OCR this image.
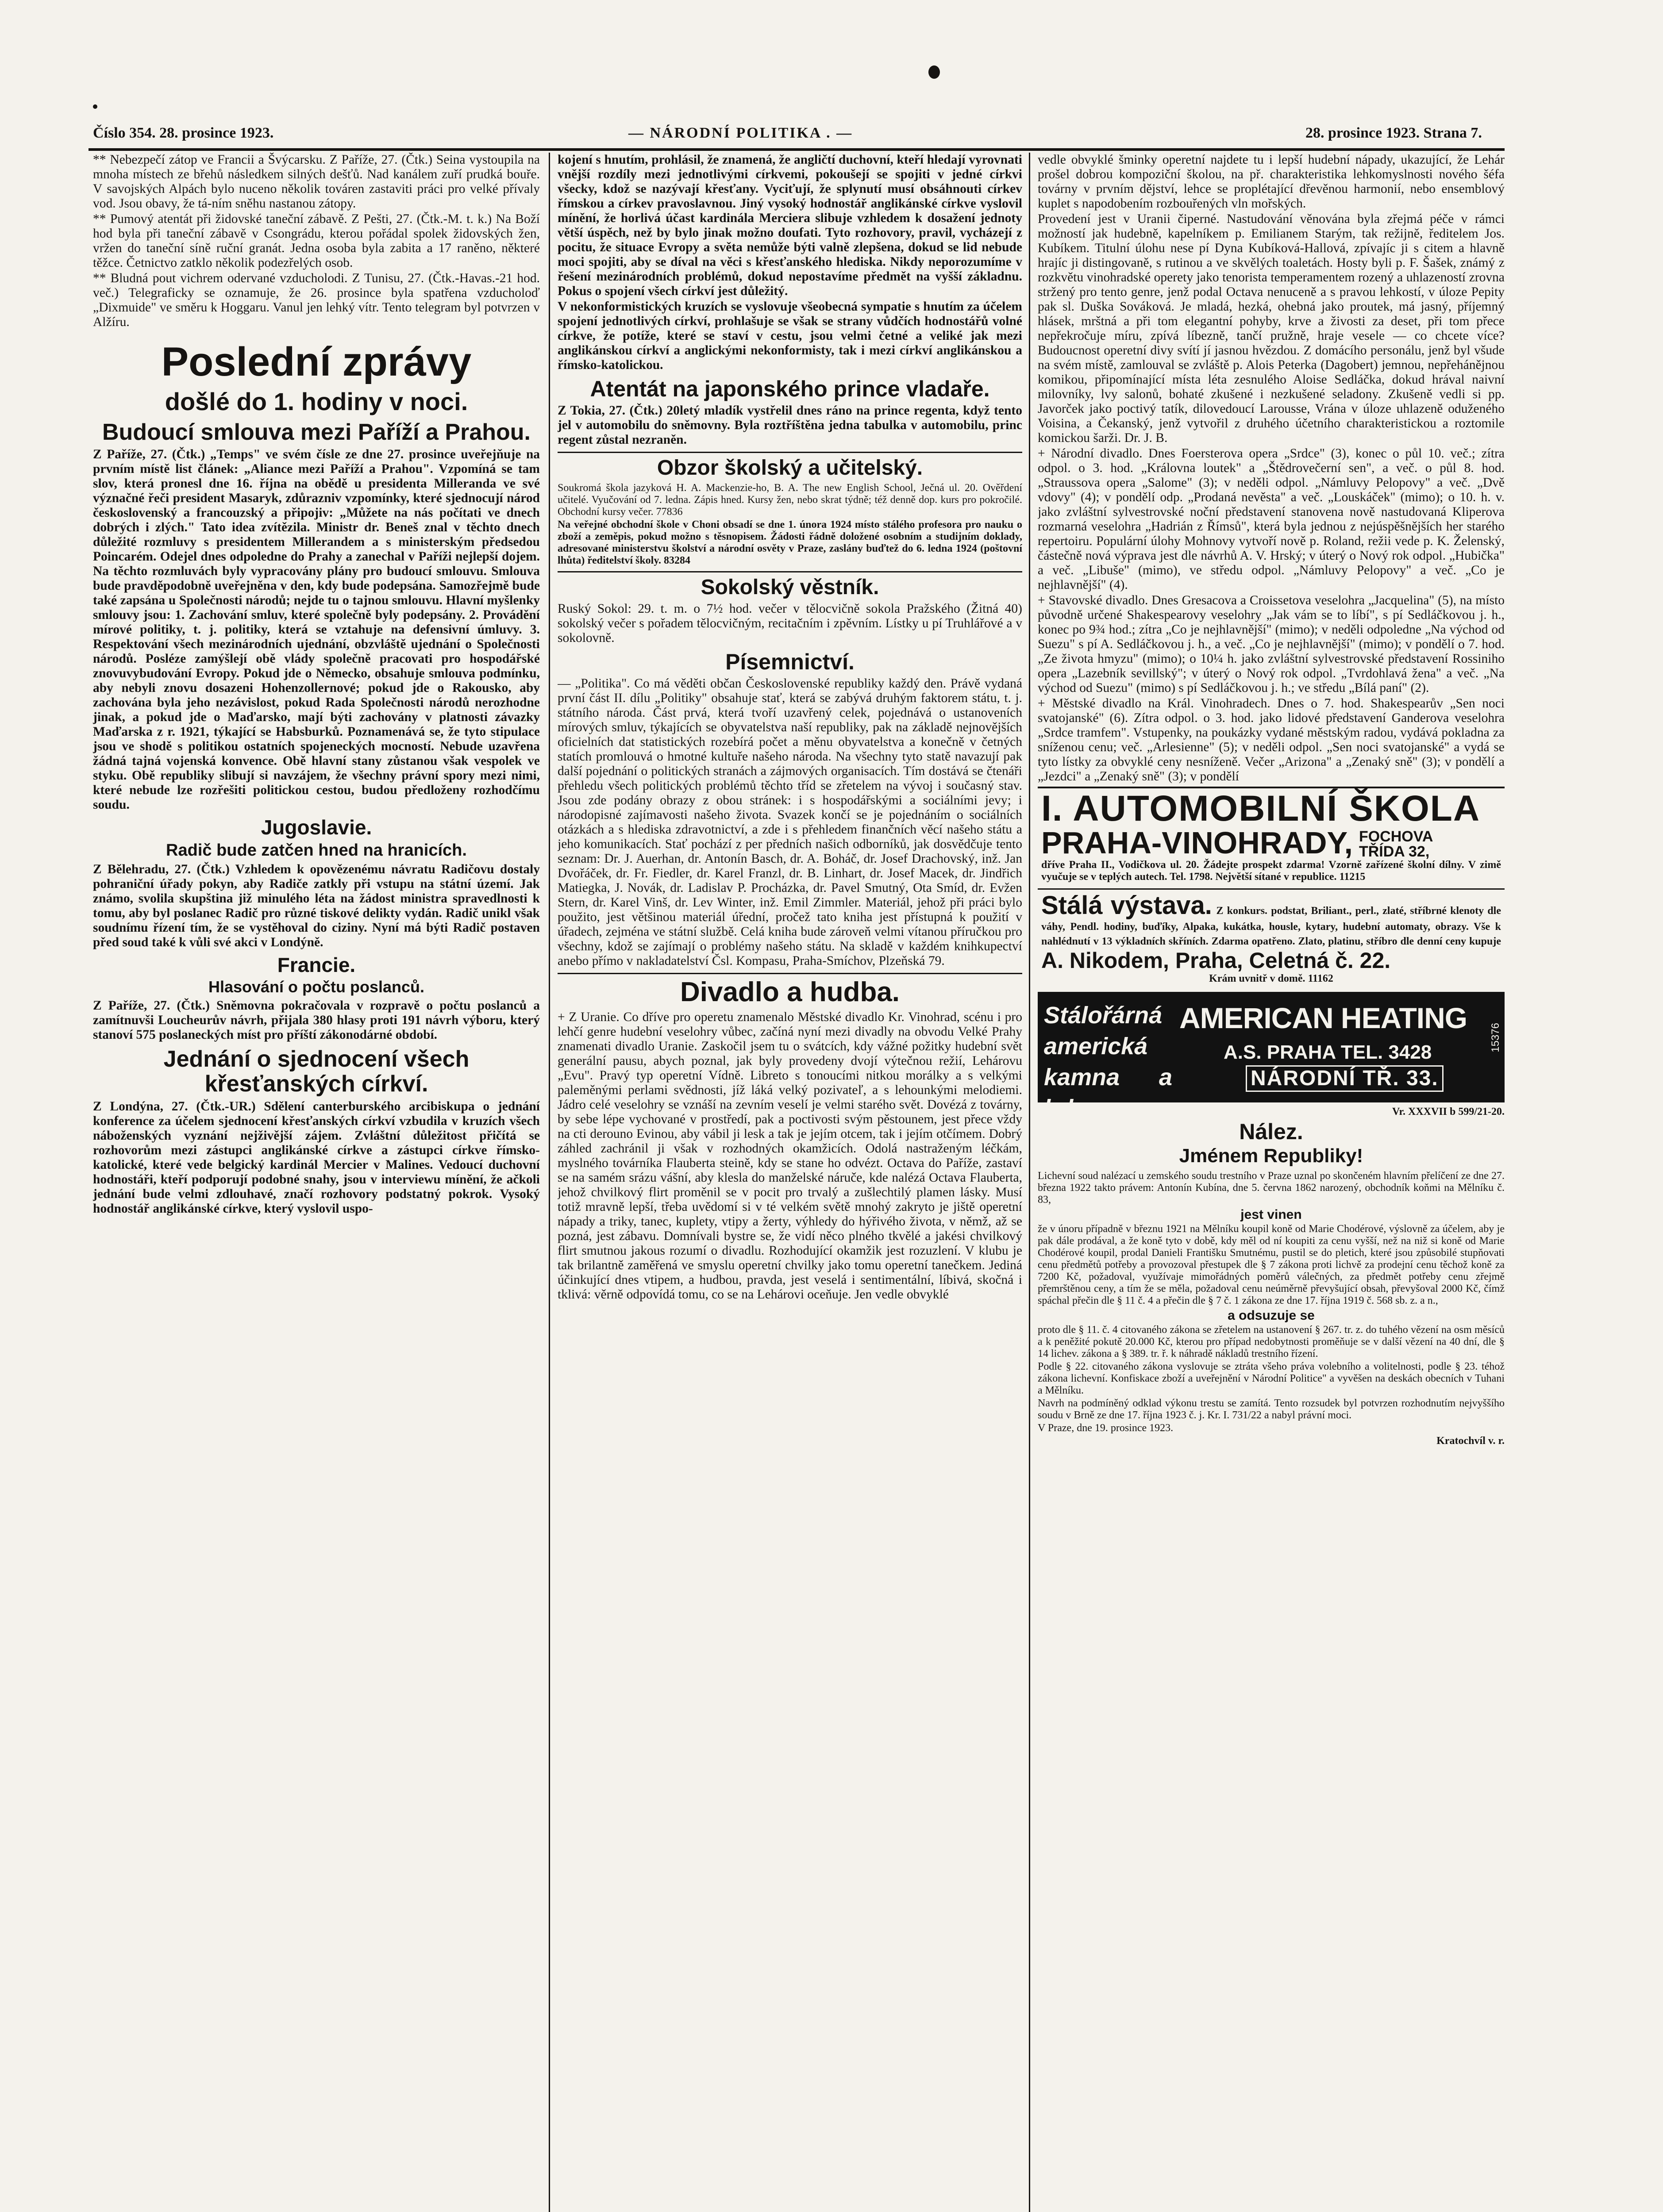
Číslo 354. 28. prosince 1923.	— NÁRODNÍ POLITIKA . —	28. prosince 1923. Strana 7.

** Nebezpečí zátop ve Francii a Švýcarsku. Z Paříže, 27. (Čtk.) Seina vystoupila na mnoha místech ze břehů následkem silných dešťů. Nad kanálem zuří prudká bouře. V savojských Alpách bylo nuceno několik továren zastaviti práci pro velké přívaly vod. Jsou obavy, že tá-ním sněhu nastanou zátopy.

** Pumový atentát při židovské taneční zábavě. Z Pešti, 27. (Čtk.-M. t. k.) Na Boží hod byla při taneční zábavě v Csongrádu, kterou pořádal spolek židovských žen, vržen do taneční síně ruční granát. Jedna osoba byla zabita a 17 raněno, některé těžce. Četnictvo zatklo několik podezřelých osob.

** Bludná pout vichrem odervané vzducholodi. Z Tunisu, 27. (Čtk.-Havas.-21 hod. več.) Telegraficky se oznamuje, že 26. prosince byla spatřena vzducholoď „Dixmuide" ve směru k Hoggaru. Vanul jen lehký vítr. Tento telegram byl potvrzen v Alžíru.

Poslední zprávy
došlé do 1. hodiny v noci.
Budoucí smlouva mezi Paříží a Prahou.

Z Paříže, 27. (Čtk.) „Temps" ve svém čísle ze dne 27. prosince uveřejňuje na prvním místě list článek: „Aliance mezi Paříží a Prahou". Vzpomíná se tam slov, která pronesl dne 16. října na obědě u presidenta Milleranda ve své význačné řeči president Masaryk, zdůrazniv vzpomínky, které sjednocují národ československý a francouzský a připojiv: „Můžete na nás počítati ve dnech dobrých i zlých." Tato idea zvítězila. Ministr dr. Beneš znal v těchto dnech důležité rozmluvy s presidentem Millerandem a s ministerským předsedou Poincarém. Odejel dnes odpoledne do Prahy a zanechal v Paříži nejlepší dojem. Na těchto rozmluvách byly vypracovány plány pro budoucí smlouvu. Smlouva bude pravděpodobně uveřejněna v den, kdy bude podepsána. Samozřejmě bude také zapsána u Společnosti národů; nejde tu o tajnou smlouvu. Hlavní myšlenky smlouvy jsou: 1. Zachování smluv, které společně byly podepsány. 2. Provádění mírové politiky, t. j. politiky, která se vztahuje na defensivní úmluvy. 3. Respektování všech mezinárodních ujednání, obzvláště ujednání o Společnosti národů. Posléze zamýšlejí obě vlády společně pracovati pro hospodářské znovuvybudování Evropy. Pokud jde o Německo, obsahuje smlouva podmínku, aby nebyli znovu dosazeni Hohenzollernové; pokud jde o Rakousko, aby zachována byla jeho nezávislost, pokud Rada Společnosti národů nerozhodne jinak, a pokud jde o Maďarsko, mají býti zachovány v platnosti závazky Maďarska z r. 1921, týkající se Habsburků. Poznamenává se, že tyto stipulace jsou ve shodě s politikou ostatních spojeneckých mocností. Nebude uzavřena žádná tajná vojenská konvence. Obě hlavní stany zůstanou však vespolek ve styku. Obě republiky slibují si navzájem, že všechny právní spory mezi nimi, které nebude lze rozřešiti politickou cestou, budou předloženy rozhodčímu soudu.

Jugoslavie.
Radič bude zatčen hned na hranicích.

Z Bělehradu, 27. (Čtk.) Vzhledem k opovězenému návratu Radičovu dostaly pohraniční úřady pokyn, aby Radiče zatkly při vstupu na státní území. Jak známo, svolila skupština již minulého léta na žádost ministra spravedlnosti k tomu, aby byl poslanec Radič pro různé tiskové delikty vydán. Radič unikl však soudnímu řízení tím, že se vystěhoval do ciziny. Nyní má býti Radič postaven před soud také k vůli své akci v Londýně.

Francie.
Hlasování o počtu poslanců.

Z Paříže, 27. (Čtk.) Sněmovna pokračovala v rozpravě o počtu poslanců a zamítnuvši Loucheurův návrh, přijala 380 hlasy proti 191 návrh výboru, který stanoví 575 poslaneckých míst pro příští zákonodárné období.

Jednání o sjednocení všech křesťanských církví.

Z Londýna, 27. (Čtk.-UR.) Sdělení canterburského arcibiskupa o jednání konference za účelem sjednocení křesťanských církví vzbudila v kruzích všech náboženských vyznání nejživější zájem. Zvláštní důležitost přičítá se rozhovorům mezi zástupci anglikánské církve a zástupci církve římsko-katolické, které vede belgický kardinál Mercier v Malines. Vedoucí duchovní hodnostáři, kteří podporují podobné snahy, jsou v interviewu mínění, že ačkoli jednání bude velmi zdlouhavé, značí rozhovory podstatný pokrok. Vysoký hodnostář anglikánské církve, který vyslovil uspo-

kojení s hnutím, prohlásil, že znamená, že angličtí duchovní, kteří hledají vyrovnati vnější rozdíly mezi jednotlivými církvemi, pokoušejí se spojiti v jedné církvi všecky, kdož se nazývají křesťany. Vyciťují, že splynutí musí obsáhnouti církev římskou a církev pravoslavnou. Jiný vysoký hodnostář anglikánské církve vyslovil mínění, že horlivá účast kardinála Merciera slibuje vzhledem k dosažení jednoty větší úspěch, než by bylo jinak možno doufati. Tyto rozhovory, pravil, vycházejí z pocitu, že situace Evropy a světa nemůže býti valně zlepšena, dokud se lid nebude moci spojiti, aby se díval na věci s křesťanského hlediska. Nikdy neporozumíme v řešení mezinárodních problémů, dokud nepostavíme předmět na vyšší základnu. Pokus o spojení všech církví jest důležitý.

V nekonformistických kruzích se vyslovuje všeobecná sympatie s hnutím za účelem spojení jednotlivých církví, prohlašuje se však se strany vůdčích hodnostářů volné církve, že potíže, které se staví v cestu, jsou velmi četné a veliké jak mezi anglikánskou církví a anglickými nekonformisty, tak i mezi církví anglikánskou a římsko-katolickou.

Atentát na japonského prince vladaře.

Z Tokia, 27. (Čtk.) 20letý mladík vystřelil dnes ráno na prince regenta, když tento jel v automobilu do sněmovny. Byla roztříštěna jedna tabulka v automobilu, princ regent zůstal nezraněn.

Obzor školský a učitelský.

Soukromá škola jazyková H. A. Mackenzie-ho, B. A. The new English School, Ječná ul. 20. Ověřdení učitelé. Vyučování od 7. ledna. Zápis hned. Kursy žen, nebo skrat týdně; též denně dop. kurs pro pokročilé. Obchodní kursy večer. 77836

Na veřejné obchodní škole v Choni obsadí se dne 1. února 1924 místo stálého profesora pro nauku o zboží a zeměpis, pokud možno s těsnopisem. Žádosti řádně doložené osobním a studijním doklady, adresované ministerstvu školství a národní osvěty v Praze, zaslány buďtež do 6. ledna 1924 (poštovní lhůta) ředitelství školy. 83284

Sokolský věstník.

Ruský Sokol: 29. t. m. o 7½ hod. večer v tělocvičně sokola Pražského (Žitná 40) sokolský večer s pořadem tělocvičným, recitačním i zpěvním. Lístky u pí Truhlářové a v sokolovně.

Písemnictví.

— „Politika". Co má věděti občan Československé republiky každý den. Právě vydaná první část II. dílu „Politiky" obsahuje stať, která se zabývá druhým faktorem státu, t. j. státního národa. Část prvá, která tvoří uzavřený celek, pojednává o ustanoveních mírových smluv, týkajících se obyvatelstva naší republiky, pak na základě nejnovějších oficielních dat statistických rozebírá počet a měnu obyvatelstva a konečně v četných statích promlouvá o hmotné kultuře našeho národa. Na všechny tyto statě navazují pak další pojednání o politických stranách a zájmových organisacích. Tím dostává se čtenáři přehledu všech politických problémů těchto tříd se zřetelem na vývoj i současný stav. Jsou zde podány obrazy z obou stránek: i s hospodářskými a sociálními jevy; i národopisné zajímavosti našeho života. Svazek končí se je pojednáním o sociálních otázkách a s hlediska zdravotnictví, a zde i s přehledem finančních věcí našeho státu a jeho komunikacích. Stať pochází z per předních našich odborníků, jak dosvědčuje tento seznam: Dr. J. Auerhan, dr. Antonín Basch, dr. A. Boháč, dr. Josef Drachovský, inž. Jan Dvořáček, dr. Fr. Fiedler, dr. Karel Franzl, dr. B. Linhart, dr. Josef Macek, dr. Jindřich Matiegka, J. Novák, dr. Ladislav P. Procházka, dr. Pavel Smutný, Ota Smíd, dr. Evžen Stern, dr. Karel Vinš, dr. Lev Winter, inž. Emil Zimmler. Materiál, jehož při práci bylo použito, jest většinou materiál úřední, pročež tato kniha jest přístupná k použití v úřadech, zejména ve státní službě. Celá kniha bude zároveň velmi vítanou příručkou pro všechny, kdož se zajímají o problémy našeho státu. Na skladě v každém knihkupectví anebo přímo v nakladatelství Čsl. Kompasu, Praha-Smíchov, Plzeňská 79.

Divadlo a hudba.

+ Z Uranie. Co dříve pro operetu znamenalo Městské divadlo Kr. Vinohrad, scénu i pro lehčí genre hudební veselohry vůbec, začíná nyní mezi divadly na obvodu Velké Prahy znamenati divadlo Uranie. Zaskočil jsem tu o svátcích, kdy vážné požitky hudební svět generální pausu, abych poznal, jak byly provedeny dvojí výtečnou režií, Lehárovu „Evu". Pravý typ operetní Vídně. Libreto s tonoucími nitkou morálky a s velkými paleměnými perlami svědnosti, jíž láká velký pozivateľ, a s lehounkými melodiemi. Jádro celé veselohry se vznáší na zevním veselí je velmi starého svět. Dovézá z továrny, by sebe lépe vychované v prostředí, pak a poctivosti svým pěstounem, jest přece vždy na cti derouno Evinou, aby vábil ji lesk a tak je jejím otcem, tak i jejím otčímem. Dobrý záhled zachránil ji však v rozhodných okamžicích. Odolá nastraženým léčkám, myslného továrníka Flauberta steině, kdy se stane ho odvézt. Octava do Paříže, zastaví se na samém srázu vášní, aby klesla do manželské náruče, kde nalézá Octava Flauberta, jehož chvilkový flirt proměnil se v pocit pro trvalý a zušlechtilý plamen lásky. Musí totiž mravně lepší, třeba uvědomí si v té velkém světě mnohý zakryto je jiště operetní nápady a triky, tanec, kuplety, vtipy a žerty, výhledy do hýřivého života, v němž, až se pozná, jest zábavu. Domnívali bystre se, že vidí něco plného tkvělé a jakési chvilkový flirt smutnou jakous rozumí o divadlu. Rozhodující okamžik jest rozuzlení. V klubu je tak brilantně zaměřená ve smyslu operetní chvilky jako tomu operetní tanečkem. Jediná účinkující dnes vtipem, a hudbou, pravda, jest veselá i sentimentální, líbivá, skočná i tklivá: věrně odpovídá tomu, co se na Lehárovi oceňuje. Jen vedle obvyklé

vedle obvyklé šminky operetní najdete tu i lepší hudební nápady, ukazující, že Lehár prošel dobrou kompoziční školou, na př. charakteristika lehkomyslnosti nového šéfa továrny v prvním dějství, lehce se proplétající dřevěnou harmonií, nebo ensemblový kuplet s napodobením rozbouřených vln mořských.

Provedení jest v Uranii čiperné. Nastudování věnována byla zřejmá péče v rámci možností jak hudebně, kapelníkem p. Emilianem Starým, tak režijně, ředitelem Jos. Kubíkem. Titulní úlohu nese pí Dyna Kubíková-Hallová, zpívajíc ji s citem a hlavně hrajíc ji distingovaně, s rutinou a ve skvělých toaletách. Hosty byli p. F. Šašek, známý z rozkvětu vinohradské operety jako tenorista temperamentem rozený a uhlazeností zrovna stržený pro tento genre, jenž podal Octava nenuceně a s pravou lehkostí, v úloze Pepity pak sl. Duška Sováková. Je mladá, hezká, ohebná jako proutek, má jasný, příjemný hlásek, mrštná a při tom elegantní pohyby, krve a živosti za deset, při tom přece nepřekročuje míru, zpívá líbezně, tančí pružně, hraje vesele — co chcete více? Budoucnost operetní divy svítí jí jasnou hvězdou. Z domácího personálu, jenž byl všude na svém místě, zamlouval se zvláště p. Alois Peterka (Dagobert) jemnou, nepřehánějnou komikou, připomínající místa léta zesnulého Aloise Sedláčka, dokud hrával naivní milovníky, lvy salonů, bohaté zkušené i nezkušené seladony. Zkušeně vedli si pp. Javorček jako poctivý tatík, dilovedoucí Larousse, Vrána v úloze uhlazeně oduženého Voisina, a Čekanský, jenž vytvořil z druhého účetního charakteristickou a roztomile komickou šarži. Dr. J. B.

+ Národní divadlo. Dnes Foersterova opera „Srdce" (3), konec o půl 10. več.; zítra odpol. o 3. hod. „Královna loutek" a „Štědrovečerní sen", a več. o půl 8. hod. „Straussova opera „Salome" (3); v neděli odpol. „Námluvy Pelopovy" a več. „Dvě vdovy" (4); v pondělí odp. „Prodaná nevěsta" a več. „Louskáček" (mimo); o 10. h. v. jako zvláštní sylvestrovské noční představení stanovena nově nastudovaná Kliperova rozmarná veselohra „Hadrián z Římsů", která byla jednou z nejúspěšnějších her starého repertoiru. Populární úlohy Mohnovy vytvoří nově p. Roland, režii vede p. K. Želenský, částečně nová výprava jest dle návrhů A. V. Hrský; v úterý o Nový rok odpol. „Hubička" a več. „Libuše" (mimo), ve středu odpol. „Námluvy Pelopovy" a več. „Co je nejhlavnější" (4).

+ Stavovské divadlo. Dnes Gresacova a Croissetova veselohra „Jacquelina" (5), na místo původně určené Shakespearovy veselohry „Jak vám se to líbí", s pí Sedláčkovou j. h., konec po 9¾ hod.; zítra „Co je nejhlavnější" (mimo); v neděli odpoledne „Na východ od Suezu" s pí A. Sedláčkovou j. h., a več. „Co je nejhlavnější" (mimo); v pondělí o 7. hod. „Ze života hmyzu" (mimo); o 10¼ h. jako zvláštní sylvestrovské představení Rossiniho opera „Lazebník sevillský"; v úterý o Nový rok odpol. „Tvrdohlavá žena" a več. „Na východ od Suezu" (mimo) s pí Sedláčkovou j. h.; ve středu „Bílá paní" (2).

+ Městské divadlo na Král. Vinohradech. Dnes o 7. hod. Shakespearův „Sen noci svatojanské" (6). Zítra odpol. o 3. hod. jako lidové představení Ganderova veselohra „Srdce tramfem". Vstupenky, na poukázky vydané městským radou, vydává pokladna za sníženou cenu; več. „Arlesienne" (5); v neděli odpol. „Sen noci svatojanské" a vydá se tyto lístky za obvyklé ceny nesníženě. Večer „Arizona" a „Zenaký sně" (3); v pondělí a „Jezdci" a „Zenaký sně" (3); v pondělí

I. AUTOMOBILNÍ ŠKOLA
PRAHA-VINOHRADY, FOCHOVA TŘÍDA 32,
dříve Praha II., Vodičkova ul. 20. Žádejte prospekt zdarma! Vzorně zařízené školní dílny. V zimě vyučuje se v teplých autech. Tel. 1798. Největší sítané v republice. 11215
Stálá výstava. Z konkurs. podstat, Briliant., perl., zlaté, stříbrné klenoty dle váhy, Pendl. hodiny, buďíky, Alpaka, kukátka, housle, kytary, hudební automaty, obrazy. Vše k nahlédnutí v 13 výkladních skříních. Zdarma opatřeno. Zlato, platinu, stříbro dle denní ceny kupuje A. Nikodem, Praha, Celetná č. 22.
Krám uvnitř v domě. 11162
Stálořárná americká kamna a krby.
AMERICAN HEATING
A.S. PRAHA TEL. 3428
NÁRODNÍ TŘ. 33.
15376
Vr. XXXVII b 599/21-20.
Nález.
Jménem Republiky!

Lichevní soud nalézací u zemského soudu trestního v Praze uznal po skončeném hlavním přelíčení ze dne 27. března 1922 takto právem: Antonín Kubína, dne 5. června 1862 narozený, obchodník koňmi na Mělníku č. 83,

jest vinen

že v únoru případně v březnu 1921 na Mělníku koupil koně od Marie Chodérové, výslovně za účelem, aby je pak dále prodával, a že koně tyto v době, kdy měl od ní koupiti za cenu vyšší, než na niž si koně od Marie Chodérové koupil, prodal Danieli Františku Smutnému, pustil se do pletich, které jsou způsobilé stupňovati cenu předmětů potřeby a provozoval přestupek dle § 7 zákona proti lichvě za prodejní cenu těchož koně za 7200 Kč, požadoval, využívaje mimořádných poměrů válečných, za předmět potřeby cenu zřejmě přemrštěnou ceny, a tím že se měla, požadoval cenu neúměrně převyšující obsah, převyšoval 2000 Kč, čímž spáchal přečin dle § 11 č. 4 a přečin dle § 7 č. 1 zákona ze dne 17. října 1919 č. 568 sb. z. a n.,

a odsuzuje se

proto dle § 11. č. 4 citovaného zákona se zřetelem na ustanovení § 267. tr. z. do tuhého vězení na osm měsíců a k peněžité pokutě 20.000 Kč, kterou pro případ nedobytnosti proměňuje se v další vězení na 40 dní, dle § 14 lichev. zákona a § 389. tr. ř. k náhradě nákladů trestního řízení.

Podle § 22. citovaného zákona vyslovuje se ztráta všeho práva volebního a volitelnosti, podle § 23. téhož zákona lichevní. Konfiskace zboží a uveřejnění v Národní Politice" a vyvěšen na deskách obecních v Tuhani a Mělníku.

Navrh na podmíněný odklad výkonu trestu se zamítá. Tento rozsudek byl potvrzen rozhodnutím nejvyššího soudu v Brně ze dne 17. října 1923 č. j. Kr. I. 731/22 a nabyl právní moci.

V Praze, dne 19. prosince 1923.

Kratochvíl v. r.
